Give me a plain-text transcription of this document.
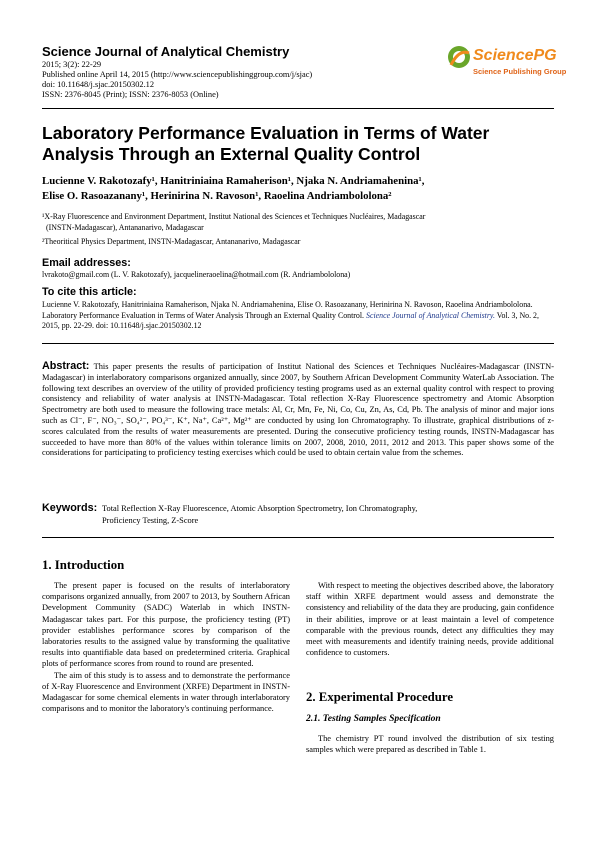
Science Journal of Analytical Chemistry
2015; 3(2): 22-29
Published online April 14, 2015 (http://www.sciencepublishinggroup.com/j/sjac)
doi: 10.11648/j.sjac.20150302.12
ISSN: 2376-8045 (Print); ISSN: 2376-8053 (Online)
SciencePG
Science Publishing Group
Laboratory Performance Evaluation in Terms of Water Analysis Through an External Quality Control
Lucienne V. Rakotozafy¹, Hanitriniaina Ramaherison¹, Njaka N. Andriamahenina¹,
Elise O. Rasoazanany¹, Herinirina N. Ravoson¹, Raoelina Andriambololona²
¹X-Ray Fluorescence and Environment Department, Institut National des Sciences et Techniques Nucléaires, Madagascar
(INSTN-Madagascar), Antananarivo, Madagascar
²Theoritical Physics Department, INSTN-Madagascar, Antananarivo, Madagascar
Email addresses:
lvrakoto@gmail.com (L. V. Rakotozafy), jacquelineraoelina@hotmail.com (R. Andriambololona)
To cite this article:
Lucienne V. Rakotozafy, Hanitriniaina Ramaherison, Njaka N. Andriamahenina, Elise O. Rasoazanany, Herinirina N. Ravoson, Raoelina Andriambololona. Laboratory Performance Evaluation in Terms of Water Analysis Through an External Quality Control. Science Journal of Analytical Chemistry. Vol. 3, No. 2, 2015, pp. 22-29. doi: 10.11648/j.sjac.20150302.12
Abstract: This paper presents the results of participation of Institut National des Sciences et Techniques Nucléaires-Madagascar (INSTN-Madagascar) in interlaboratory comparisons organized annually, since 2007, by Southern African Development Community WaterLab Association. The following text describes an overview of the utility of provided proficiency testing programs used as an external quality control with respect to proving consistency and reliability of water analysis at INSTN-Madagascar. Total reflection X-Ray Fluorescence spectrometry and Atomic Absorption Spectrometry are both used to measure the following trace metals: Al, Cr, Mn, Fe, Ni, Co, Cu, Zn, As, Cd, Pb. The analysis of minor and major ions such as Cl⁻, F⁻, NO₃⁻, SO₄²⁻, PO₄³⁻, K⁺, Na⁺, Ca²⁺, Mg²⁺ are conducted by using Ion Chromatography. To illustrate, graphical distributions of z-scores calculated from the results of water measurements are presented. During the consecutive proficiency testing rounds, INSTN-Madagascar has succeeded to have more than 80% of the values within tolerance limits on 2007, 2008, 2010, 2011, 2012 and 2013. This paper shows some of the considerations for participating to proficiency testing exercises which could be used to obtain certain value from the schemes.
Keywords: Total Reflection X-Ray Fluorescence, Atomic Absorption Spectrometry, Ion Chromatography,
Proficiency Testing, Z-Score
1. Introduction

The present paper is focused on the results of interlaboratory comparisons organized annually, from 2007 to 2013, by Southern African Development Community (SADC) Waterlab in which INSTN-Madagascar takes part. For this purpose, the proficiency testing (PT) provider establishes performance scores by comparison of the laboratories results to the assigned value by transforming the qualitative results into quantifiable data based on predetermined criteria. Graphical plots of performance scores from round to round are presented.

The aim of this study is to assess and to demonstrate the performance of X-Ray Fluorescence and Environment (XRFE) Department in INSTN-Madagascar for some chemical elements in water through interlaboratory comparisons and to monitor the laboratory's continuing performance.

With respect to meeting the objectives described above, the laboratory staff within XRFE department would assess and demonstrate the consistency and reliability of the data they are producing, gain confidence in their abilities, improve or at least maintain a level of competence comparable with the previous rounds, detect any difficulties they may meet with measurements and identify training needs, provide additional confidence to customers.

2. Experimental Procedure
2.1. Testing Samples Specification

The chemistry PT round involved the distribution of six testing samples which were prepared as described in Table 1.
